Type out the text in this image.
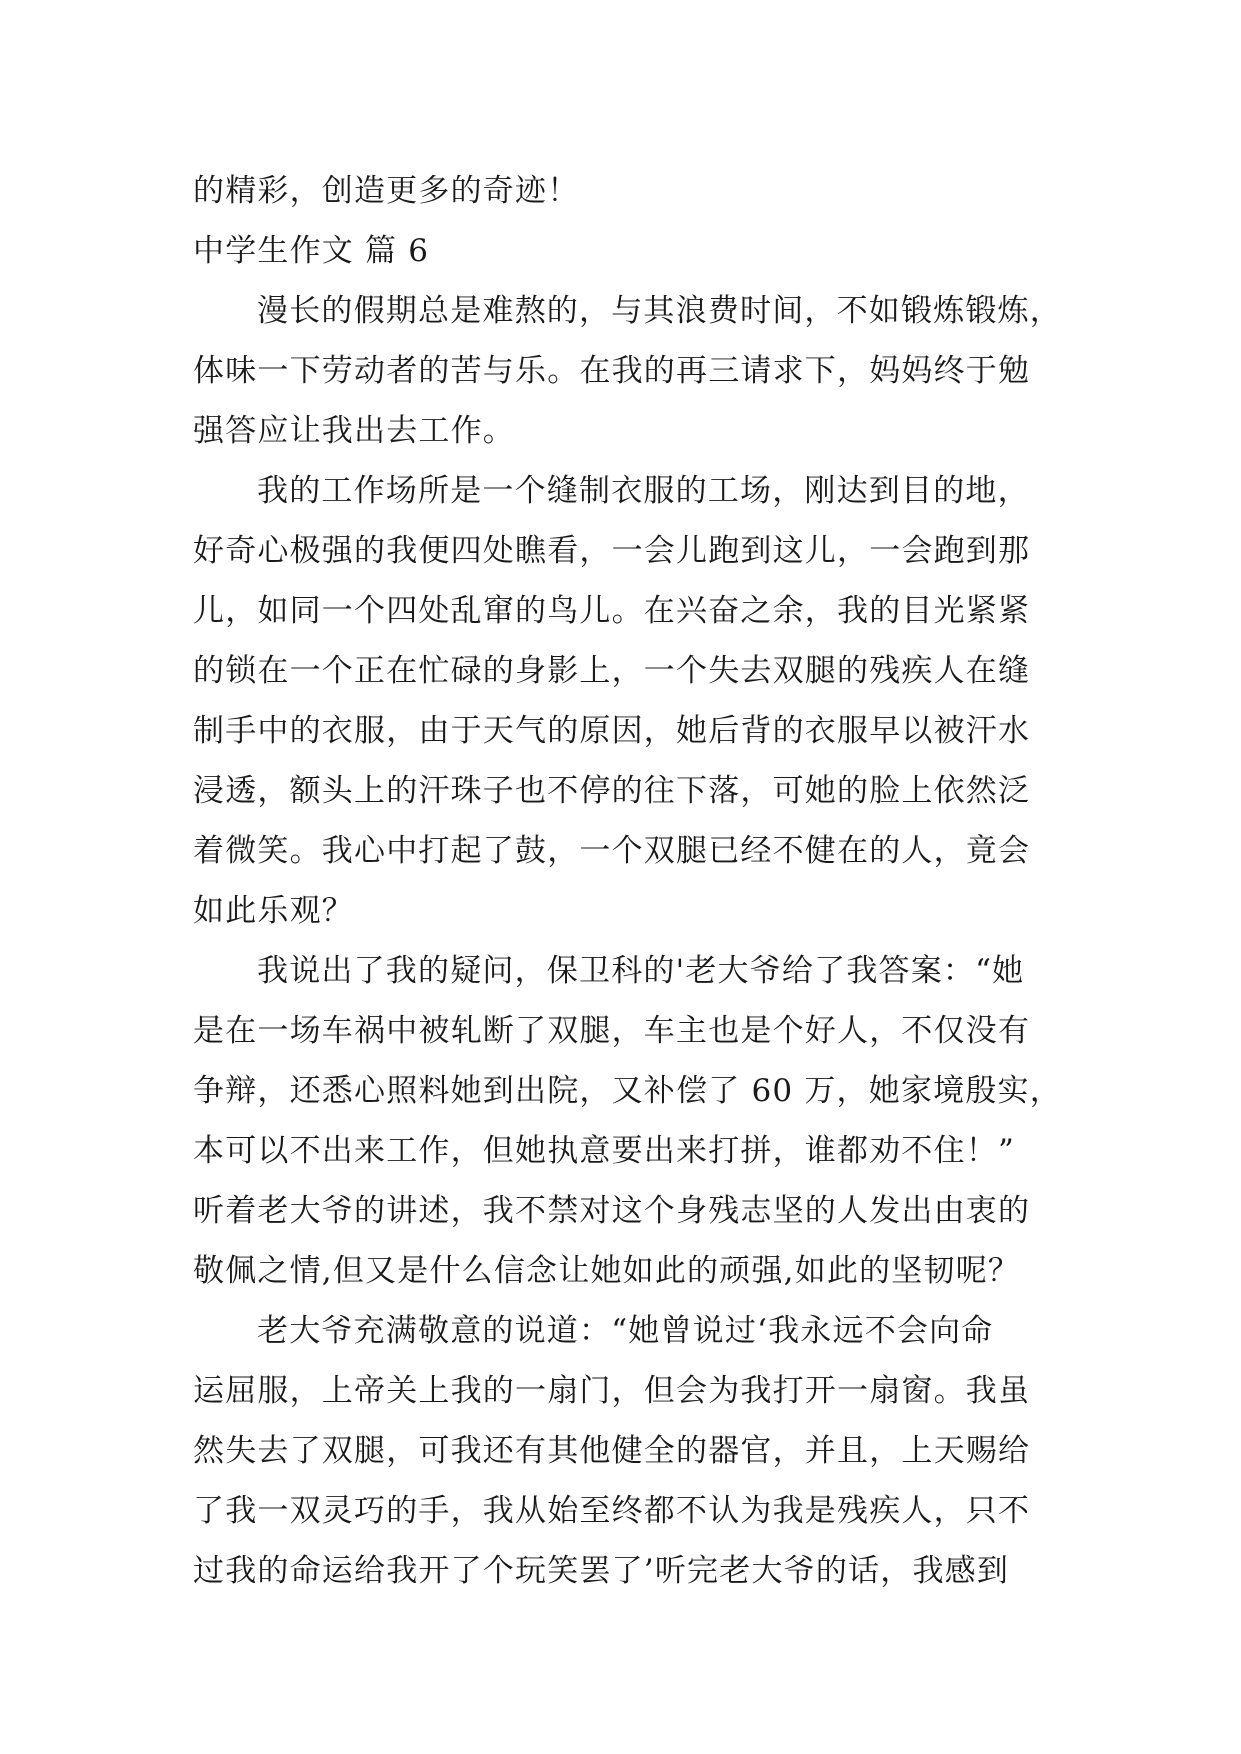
的精彩，创造更多的奇迹！
中学生作文 篇 6
漫长的假期总是难熬的，与其浪费时间，不如锻炼锻炼，
体味一下劳动者的苦与乐。在我的再三请求下，妈妈终于勉
强答应让我出去工作。
我的工作场所是一个缝制衣服的工场，刚达到目的地，
好奇心极强的我便四处瞧看，一会儿跑到这儿，一会跑到那
儿，如同一个四处乱窜的鸟儿。在兴奋之余，我的目光紧紧
的锁在一个正在忙碌的身影上，一个失去双腿的残疾人在缝
制手中的衣服，由于天气的原因，她后背的衣服早以被汗水
浸透，额头上的汗珠子也不停的往下落，可她的脸上依然泛
着微笑。我心中打起了鼓，一个双腿已经不健在的人，竟会
如此乐观？
我说出了我的疑问，保卫科的'老大爷给了我答案：“她
是在一场车祸中被轧断了双腿，车主也是个好人，不仅没有
争辩，还悉心照料她到出院，又补偿了 60 万，她家境殷实，
本可以不出来工作，但她执意要出来打拼，谁都劝不住！”
听着老大爷的讲述，我不禁对这个身残志坚的人发出由衷的
敬佩之情,但又是什么信念让她如此的顽强,如此的坚韧呢？
老大爷充满敬意的说道：“她曾说过‘我永远不会向命
运屈服，上帝关上我的一扇门，但会为我打开一扇窗。我虽
然失去了双腿，可我还有其他健全的器官，并且，上天赐给
了我一双灵巧的手，我从始至终都不认为我是残疾人，只不
过我的命运给我开了个玩笑罢了’听完老大爷的话，我感到
